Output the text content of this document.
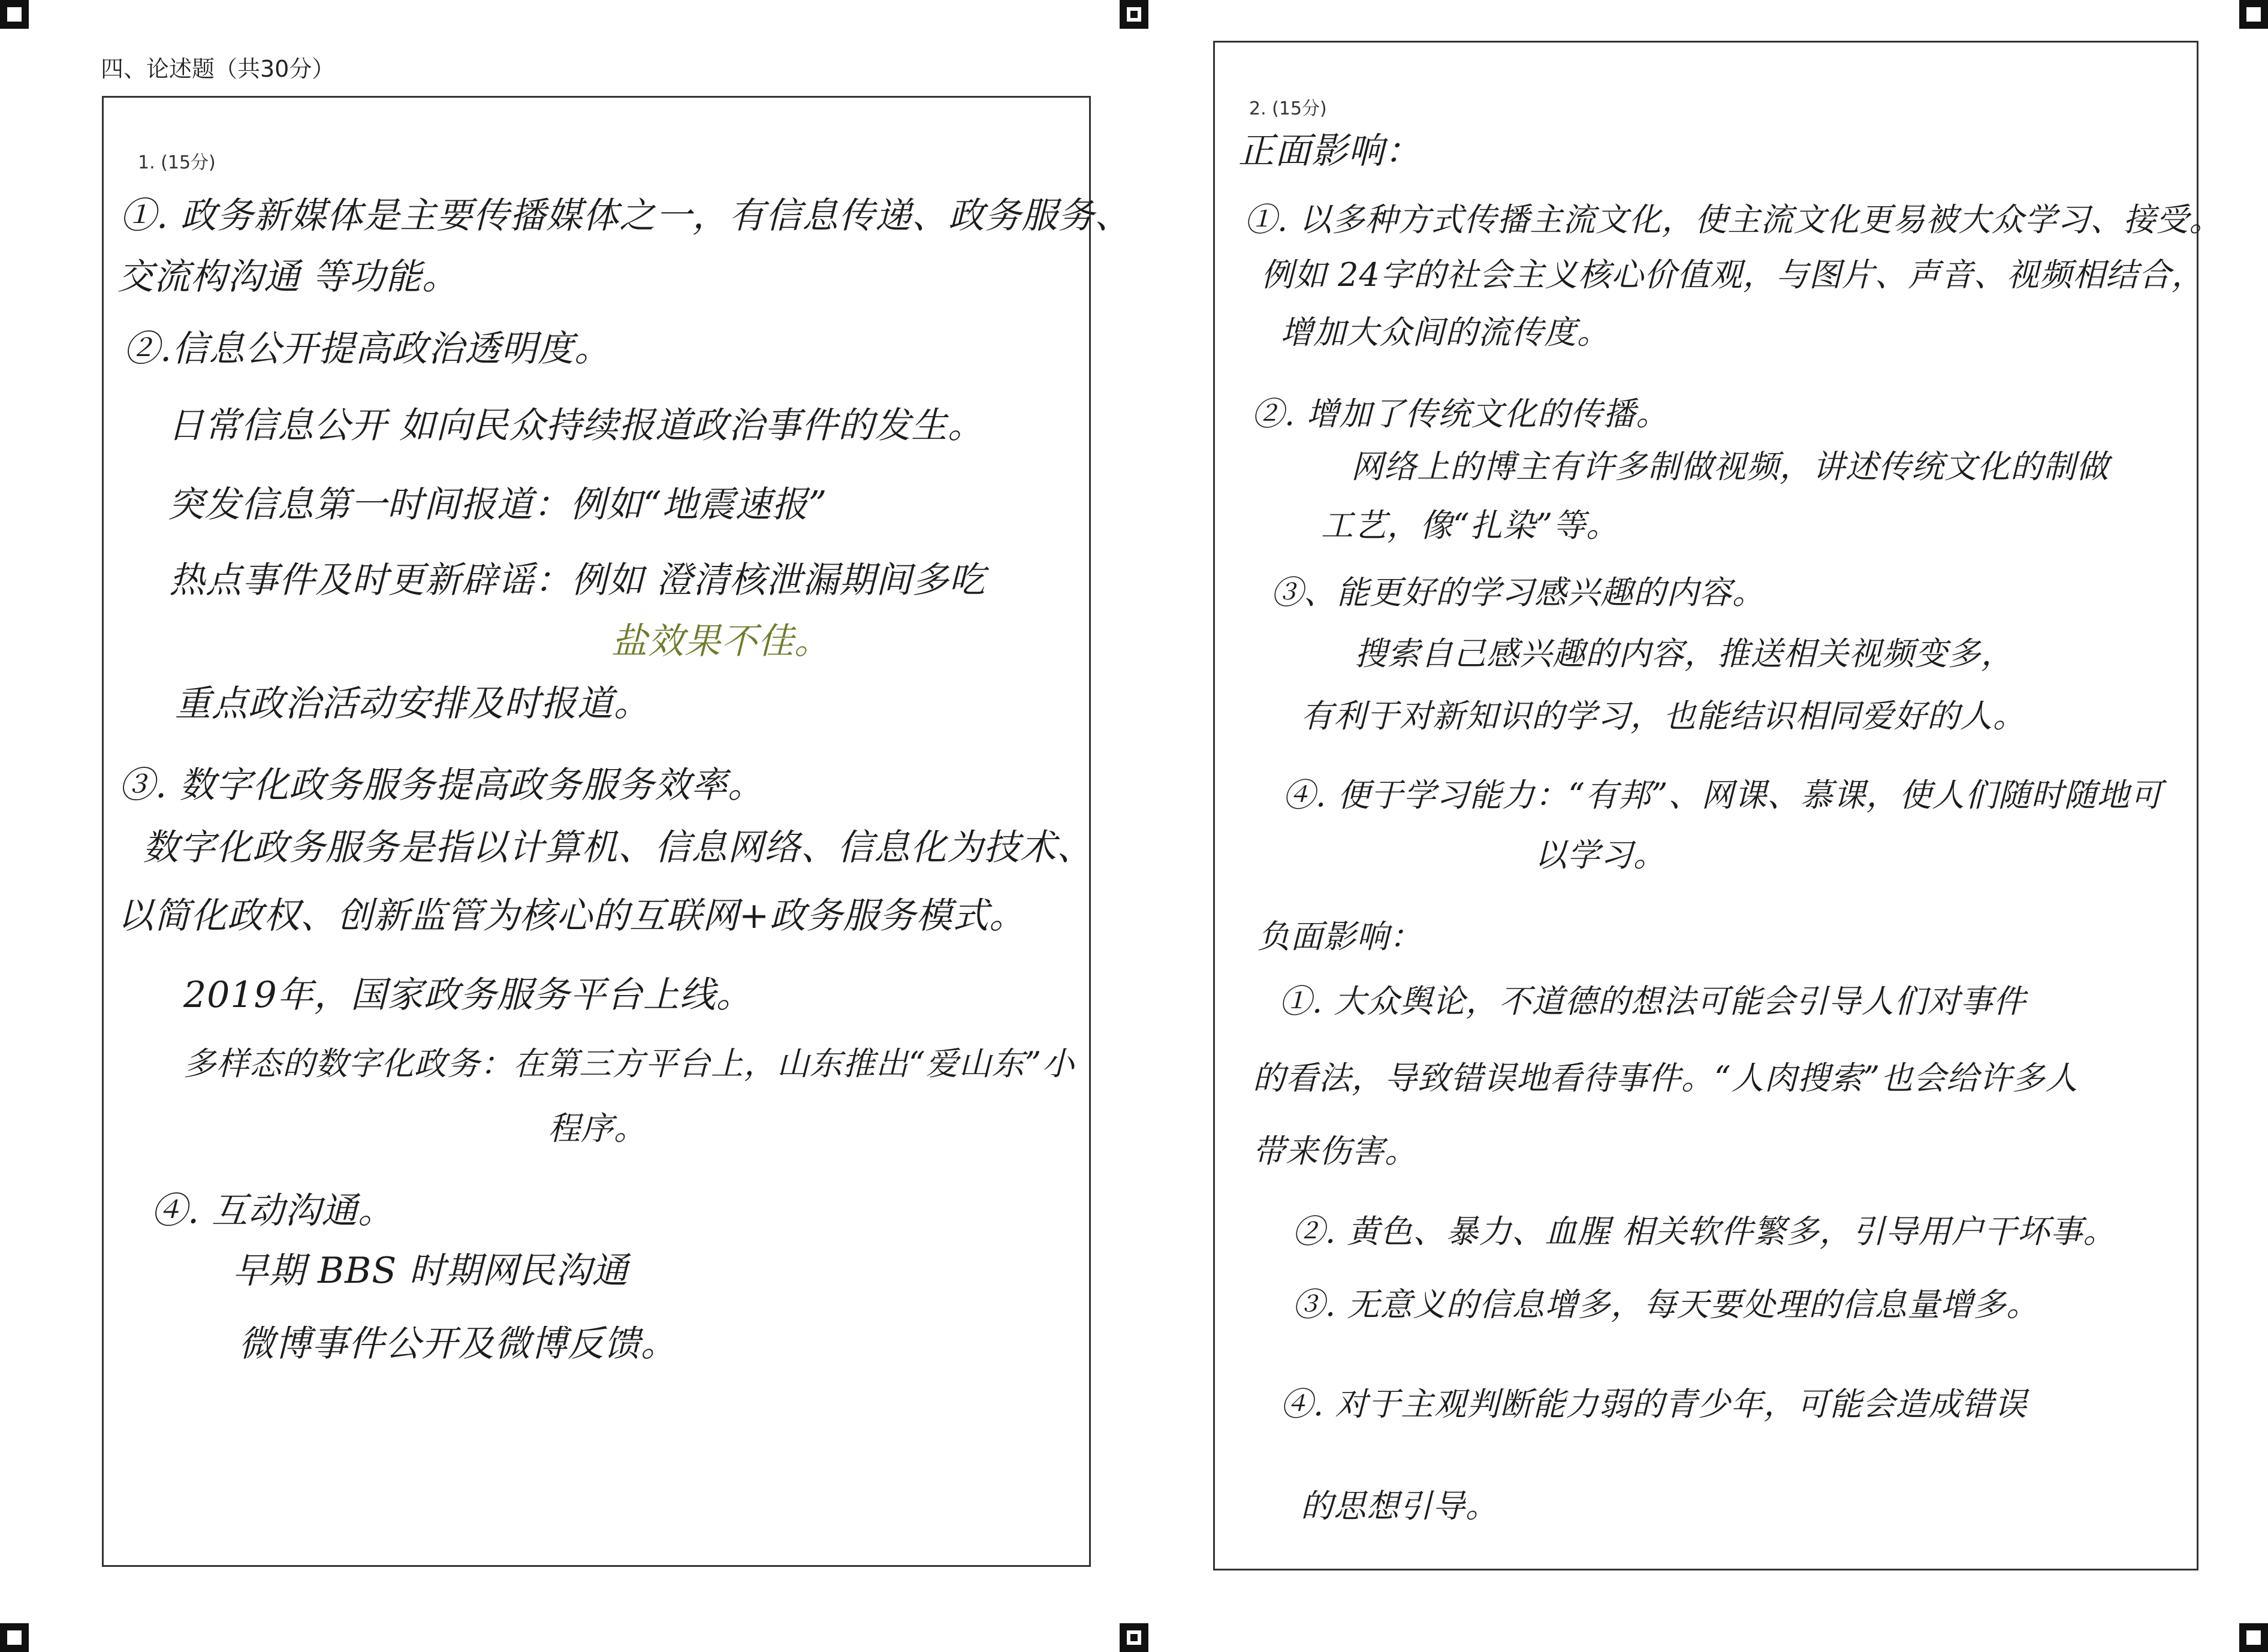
四、论述题（共30分）
1. (15分)
①. 政务新媒体是主要传播媒体之一，有信息传递、政务服务、
交流构沟通 等功能。
②.信息公开提高政治透明度。
日常信息公开 如向民众持续报道政治事件的发生。
突发信息第一时间报道：例如“地震速报”
热点事件及时更新辟谣：例如 澄清核泄漏期间多吃
盐效果不佳。
重点政治活动安排及时报道。
③. 数字化政务服务提高政务服务效率。
数字化政务服务是指以计算机、信息网络、信息化为技术、
以简化政权、创新监管为核心的互联网+政务服务模式。
2019年，国家政务服务平台上线。
多样态的数字化政务：在第三方平台上，山东推出“爱山东”小
程序。
④. 互动沟通。
早期 BBS 时期网民沟通
微博事件公开及微博反馈。
2. (15分)
正面影响：
①. 以多种方式传播主流文化，使主流文化更易被大众学习、接受。
例如 24字的社会主义核心价值观，与图片、声音、视频相结合，
增加大众间的流传度。
②. 增加了传统文化的传播。
网络上的博主有许多制做视频，讲述传统文化的制做
工艺，像“扎染”等。
③、能更好的学习感兴趣的内容。
搜索自己感兴趣的内容，推送相关视频变多，
有利于对新知识的学习，也能结识相同爱好的人。
④. 便于学习能力：“有邦”、网课、慕课，使人们随时随地可
以学习。
负面影响：
①. 大众舆论，不道德的想法可能会引导人们对事件
的看法，导致错误地看待事件。“人肉搜索”也会给许多人
带来伤害。
②. 黄色、暴力、血腥 相关软件繁多，引导用户干坏事。
③. 无意义的信息增多，每天要处理的信息量增多。
④. 对于主观判断能力弱的青少年，可能会造成错误
的思想引导。
